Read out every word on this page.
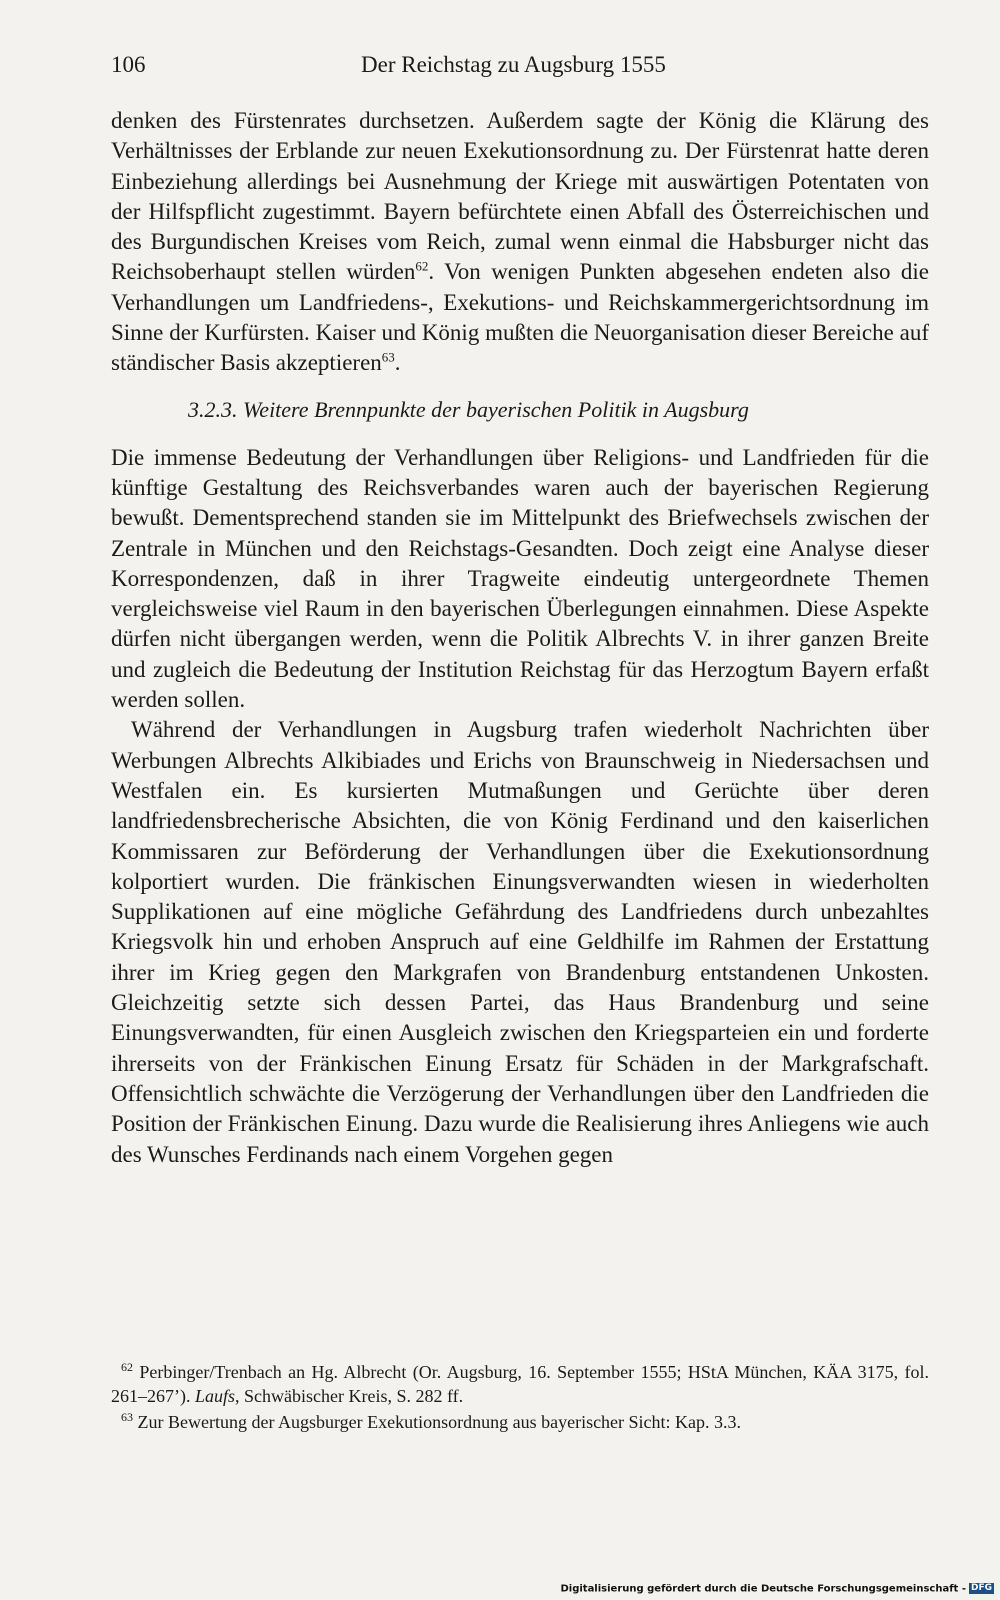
106	Der Reichstag zu Augsburg 1555

denken des Fürstenrates durchsetzen. Außerdem sagte der König die Klärung des Verhältnisses der Erblande zur neuen Exekutionsordnung zu. Der Fürstenrat hatte deren Einbeziehung allerdings bei Ausnehmung der Kriege mit auswärtigen Potentaten von der Hilfspflicht zugestimmt. Bayern befürchtete einen Abfall des Österreichischen und des Burgundischen Kreises vom Reich, zumal wenn einmal die Habsburger nicht das Reichsoberhaupt stellen würden$^{62}$. Von wenigen Punkten abgesehen endeten also die Verhandlungen um Landfriedens-, Exekutions- und Reichskammergerichtsordnung im Sinne der Kurfürsten. Kaiser und König mußten die Neuorganisation dieser Bereiche auf ständischer Basis akzeptieren$^{63}$.

3.2.3. Weitere Brennpunkte der bayerischen Politik in Augsburg

Die immense Bedeutung der Verhandlungen über Religions- und Landfrieden für die künftige Gestaltung des Reichsverbandes waren auch der bayerischen Regierung bewußt. Dementsprechend standen sie im Mittelpunkt des Briefwechsels zwischen der Zentrale in München und den Reichstags-Gesandten. Doch zeigt eine Analyse dieser Korrespondenzen, daß in ihrer Tragweite eindeutig untergeordnete Themen vergleichsweise viel Raum in den bayerischen Überlegungen einnahmen. Diese Aspekte dürfen nicht übergangen werden, wenn die Politik Albrechts V. in ihrer ganzen Breite und zugleich die Bedeutung der Institution Reichstag für das Herzogtum Bayern erfaßt werden sollen.

Während der Verhandlungen in Augsburg trafen wiederholt Nachrichten über Werbungen Albrechts Alkibiades und Erichs von Braunschweig in Niedersachsen und Westfalen ein. Es kursierten Mutmaßungen und Gerüchte über deren landfriedensbrecherische Absichten, die von König Ferdinand und den kaiserlichen Kommissaren zur Beförderung der Verhandlungen über die Exekutionsordnung kolportiert wurden. Die fränkischen Einungsverwandten wiesen in wiederholten Supplikationen auf eine mögliche Gefährdung des Landfriedens durch unbezahltes Kriegsvolk hin und erhoben Anspruch auf eine Geldhilfe im Rahmen der Erstattung ihrer im Krieg gegen den Markgrafen von Brandenburg entstandenen Unkosten. Gleichzeitig setzte sich dessen Partei, das Haus Brandenburg und seine Einungsverwandten, für einen Ausgleich zwischen den Kriegsparteien ein und forderte ihrerseits von der Fränkischen Einung Ersatz für Schäden in der Markgrafschaft. Offensichtlich schwächte die Verzögerung der Verhandlungen über den Landfrieden die Position der Fränkischen Einung. Dazu wurde die Realisierung ihres Anliegens wie auch des Wunsches Ferdinands nach einem Vorgehen gegen

$^{62}$ Perbinger/Trenbach an Hg. Albrecht (Or. Augsburg, 16. September 1555; HStA München, KÄA 3175, fol. 261–267’). Laufs, Schwäbischer Kreis, S. 282 ff.

$^{63}$ Zur Bewertung der Augsburger Exekutionsordnung aus bayerischer Sicht: Kap. 3.3.

Digitalisierung gefördert durch die Deutsche Forschungsgemeinschaft - DFG
